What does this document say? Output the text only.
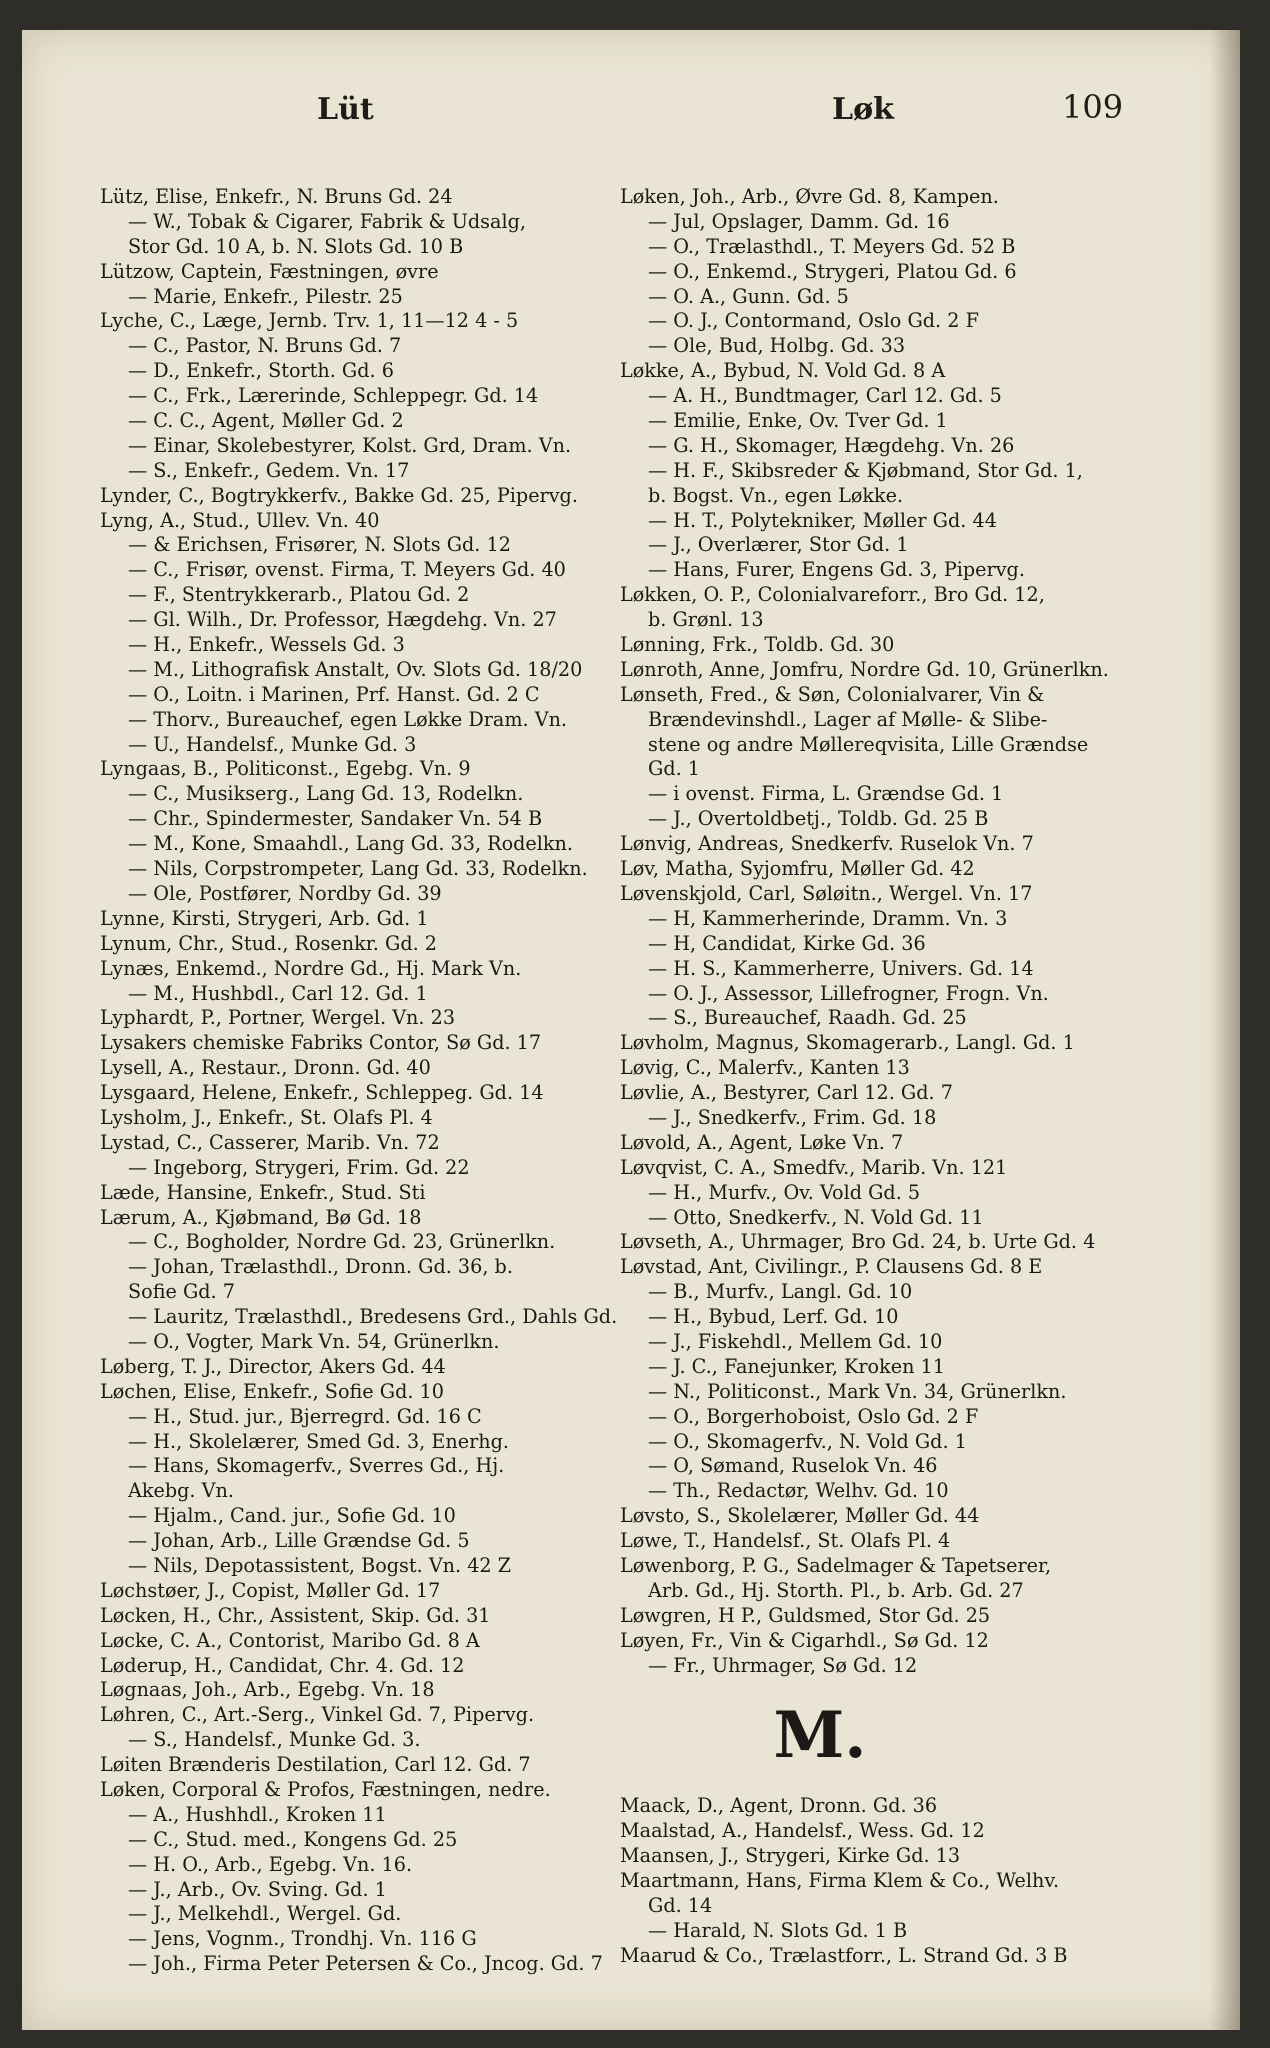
Lüt	Løk	109
Lütz, Elise, Enkefr., N. Bruns Gd. 24
— W., Tobak & Cigarer, Fabrik & Udsalg,
Stor Gd. 10 A, b. N. Slots Gd. 10 B
Lützow, Captein, Fæstningen, øvre
— Marie, Enkefr., Pilestr. 25
Lyche, C., Læge, Jernb. Trv. 1, 11—12 4 - 5
— C., Pastor, N. Bruns Gd. 7
— D., Enkefr., Storth. Gd. 6
— C., Frk., Lærerinde, Schleppegr. Gd. 14
— C. C., Agent, Møller Gd. 2
— Einar, Skolebestyrer, Kolst. Grd, Dram. Vn.
— S., Enkefr., Gedem. Vn. 17
Lynder, C., Bogtrykkerfv., Bakke Gd. 25, Pipervg.
Lyng, A., Stud., Ullev. Vn. 40
— & Erichsen, Frisører, N. Slots Gd. 12
— C., Frisør, ovenst. Firma, T. Meyers Gd. 40
— F., Stentrykkerarb., Platou Gd. 2
— Gl. Wilh., Dr. Professor, Hægdehg. Vn. 27
— H., Enkefr., Wessels Gd. 3
— M., Lithografisk Anstalt, Ov. Slots Gd. 18/20
— O., Loitn. i Marinen, Prf. Hanst. Gd. 2 C
— Thorv., Bureauchef, egen Løkke Dram. Vn.
— U., Handelsf., Munke Gd. 3
Lyngaas, B., Politiconst., Egebg. Vn. 9
— C., Musikserg., Lang Gd. 13, Rodelkn.
— Chr., Spindermester, Sandaker Vn. 54 B
— M., Kone, Smaahdl., Lang Gd. 33, Rodelkn.
— Nils, Corpstrompeter, Lang Gd. 33, Rodelkn.
— Ole, Postfører, Nordby Gd. 39
Lynne, Kirsti, Strygeri, Arb. Gd. 1
Lynum, Chr., Stud., Rosenkr. Gd. 2
Lynæs, Enkemd., Nordre Gd., Hj. Mark Vn.
— M., Hushbdl., Carl 12. Gd. 1
Lyphardt, P., Portner, Wergel. Vn. 23
Lysakers chemiske Fabriks Contor, Sø Gd. 17
Lysell, A., Restaur., Dronn. Gd. 40
Lysgaard, Helene, Enkefr., Schleppeg. Gd. 14
Lysholm, J., Enkefr., St. Olafs Pl. 4
Lystad, C., Casserer, Marib. Vn. 72
— Ingeborg, Strygeri, Frim. Gd. 22
Læde, Hansine, Enkefr., Stud. Sti
Lærum, A., Kjøbmand, Bø Gd. 18
— C., Bogholder, Nordre Gd. 23, Grünerlkn.
— Johan, Trælasthdl., Dronn. Gd. 36, b.
Sofie Gd. 7
— Lauritz, Trælasthdl., Bredesens Grd., Dahls Gd.
— O., Vogter, Mark Vn. 54, Grünerlkn.
Løberg, T. J., Director, Akers Gd. 44
Løchen, Elise, Enkefr., Sofie Gd. 10
— H., Stud. jur., Bjerregrd. Gd. 16 C
— H., Skolelærer, Smed Gd. 3, Enerhg.
— Hans, Skomagerfv., Sverres Gd., Hj.
Akebg. Vn.
— Hjalm., Cand. jur., Sofie Gd. 10
— Johan, Arb., Lille Grændse Gd. 5
— Nils, Depotassistent, Bogst. Vn. 42 Z
Løchstøer, J., Copist, Møller Gd. 17
Løcken, H., Chr., Assistent, Skip. Gd. 31
Løcke, C. A., Contorist, Maribo Gd. 8 A
Løderup, H., Candidat, Chr. 4. Gd. 12
Løgnaas, Joh., Arb., Egebg. Vn. 18
Løhren, C., Art.-Serg., Vinkel Gd. 7, Pipervg.
— S., Handelsf., Munke Gd. 3.
Løiten Brænderis Destilation, Carl 12. Gd. 7
Løken, Corporal & Profos, Fæstningen, nedre.
— A., Hushhdl., Kroken 11
— C., Stud. med., Kongens Gd. 25
— H. O., Arb., Egebg. Vn. 16.
— J., Arb., Ov. Sving. Gd. 1
— J., Melkehdl., Wergel. Gd.
— Jens, Vognm., Trondhj. Vn. 116 G
— Joh., Firma Peter Petersen & Co., Jncog. Gd. 7
Løken, Joh., Arb., Øvre Gd. 8, Kampen.
— Jul, Opslager, Damm. Gd. 16
— O., Trælasthdl., T. Meyers Gd. 52 B
— O., Enkemd., Strygeri, Platou Gd. 6
— O. A., Gunn. Gd. 5
— O. J., Contormand, Oslo Gd. 2 F
— Ole, Bud, Holbg. Gd. 33
Løkke, A., Bybud, N. Vold Gd. 8 A
— A. H., Bundtmager, Carl 12. Gd. 5
— Emilie, Enke, Ov. Tver Gd. 1
— G. H., Skomager, Hægdehg. Vn. 26
— H. F., Skibsreder & Kjøbmand, Stor Gd. 1,
b. Bogst. Vn., egen Løkke.
— H. T., Polytekniker, Møller Gd. 44
— J., Overlærer, Stor Gd. 1
— Hans, Furer, Engens Gd. 3, Pipervg.
Løkken, O. P., Colonialvareforr., Bro Gd. 12,
b. Grønl. 13
Lønning, Frk., Toldb. Gd. 30
Lønroth, Anne, Jomfru, Nordre Gd. 10, Grünerlkn.
Lønseth, Fred., & Søn, Colonialvarer, Vin &
Brændevinshdl., Lager af Mølle- & Slibe-
stene og andre Møllereqvisita, Lille Grændse
Gd. 1
— i ovenst. Firma, L. Grændse Gd. 1
— J., Overtoldbetj., Toldb. Gd. 25 B
Lønvig, Andreas, Snedkerfv. Ruselok Vn. 7
Løv, Matha, Syjomfru, Møller Gd. 42
Løvenskjold, Carl, Søløitn., Wergel. Vn. 17
— H, Kammerherinde, Dramm. Vn. 3
— H, Candidat, Kirke Gd. 36
— H. S., Kammerherre, Univers. Gd. 14
— O. J., Assessor, Lillefrogner, Frogn. Vn.
— S., Bureauchef, Raadh. Gd. 25
Løvholm, Magnus, Skomagerarb., Langl. Gd. 1
Løvig, C., Malerfv., Kanten 13
Løvlie, A., Bestyrer, Carl 12. Gd. 7
— J., Snedkerfv., Frim. Gd. 18
Løvold, A., Agent, Løke Vn. 7
Løvqvist, C. A., Smedfv., Marib. Vn. 121
— H., Murfv., Ov. Vold Gd. 5
— Otto, Snedkerfv., N. Vold Gd. 11
Løvseth, A., Uhrmager, Bro Gd. 24, b. Urte Gd. 4
Løvstad, Ant, Civilingr., P. Clausens Gd. 8 E
— B., Murfv., Langl. Gd. 10
— H., Bybud, Lerf. Gd. 10
— J., Fiskehdl., Mellem Gd. 10
— J. C., Fanejunker, Kroken 11
— N., Politiconst., Mark Vn. 34, Grünerlkn.
— O., Borgerhoboist, Oslo Gd. 2 F
— O., Skomagerfv., N. Vold Gd. 1
— O, Sømand, Ruselok Vn. 46
— Th., Redactør, Welhv. Gd. 10
Løvsto, S., Skolelærer, Møller Gd. 44
Løwe, T., Handelsf., St. Olafs Pl. 4
Løwenborg, P. G., Sadelmager & Tapetserer,
Arb. Gd., Hj. Storth. Pl., b. Arb. Gd. 27
Løwgren, H P., Guldsmed, Stor Gd. 25
Løyen, Fr., Vin & Cigarhdl., Sø Gd. 12
— Fr., Uhrmager, Sø Gd. 12
M.
Maack, D., Agent, Dronn. Gd. 36
Maalstad, A., Handelsf., Wess. Gd. 12
Maansen, J., Strygeri, Kirke Gd. 13
Maartmann, Hans, Firma Klem & Co., Welhv.
Gd. 14
— Harald, N. Slots Gd. 1 B
Maarud & Co., Trælastforr., L. Strand Gd. 3 B
